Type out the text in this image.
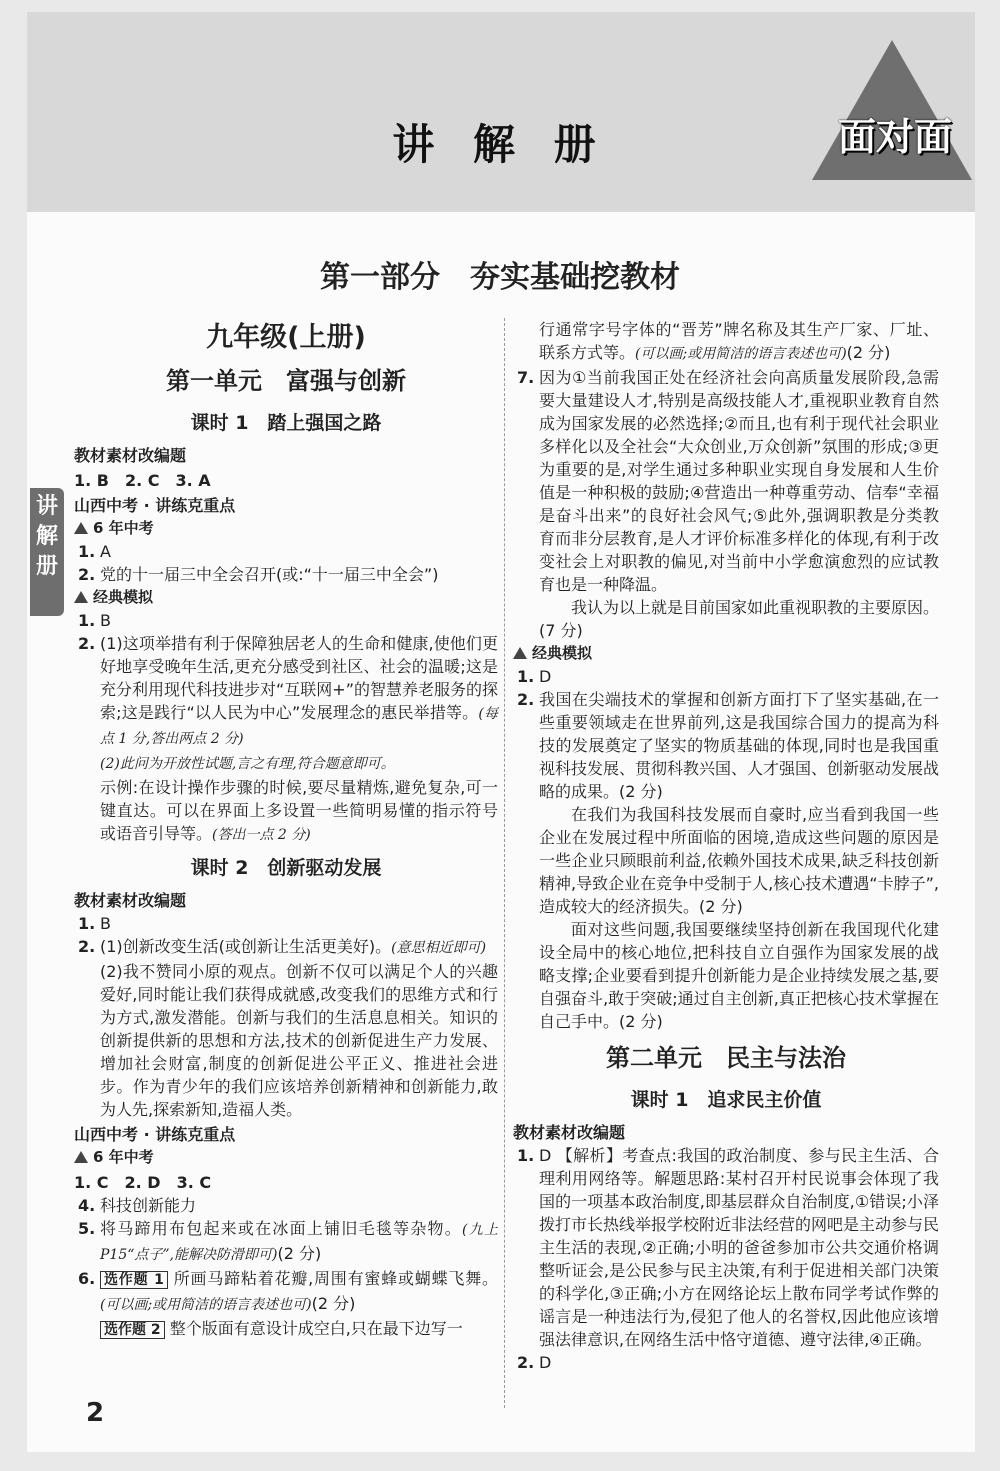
讲 解 册	面对面
第一部分　夯实基础挖教材
讲
解
册
九年级(上册)
第一单元　富强与创新
课时 1　踏上强国之路
教材素材改编题
1. B　2. C　3. A
山西中考 · 讲练克重点
6 年中考
1. A
2. 党的十一届三中全会召开(或:“十一届三中全会”)
经典模拟
1. B
2. (1)这项举措有利于保障独居老人的生命和健康,使他们更好地享受晚年生活,更充分感受到社区、社会的温暖;这是充分利用现代科技进步对“互联网+”的智慧养老服务的探索;这是践行“以人民为中心”发展理念的惠民举措等。(每点 1 分,答出两点 2 分)
(2)此问为开放性试题,言之有理,符合题意即可。
示例:在设计操作步骤的时候,要尽量精炼,避免复杂,可一键直达。可以在界面上多设置一些简明易懂的指示符号或语音引导等。(答出一点 2 分)
课时 2　创新驱动发展
教材素材改编题
1. B
2. (1)创新改变生活(或创新让生活更美好)。(意思相近即可)
(2)我不赞同小原的观点。创新不仅可以满足个人的兴趣爱好,同时能让我们获得成就感,改变我们的思维方式和行为方式,激发潜能。创新与我们的生活息息相关。知识的创新提供新的思想和方法,技术的创新促进生产力发展、增加社会财富,制度的创新促进公平正义、推进社会进步。作为青少年的我们应该培养创新精神和创新能力,敢为人先,探索新知,造福人类。
山西中考 · 讲练克重点
6 年中考
1. C　2. D　3. C
4. 科技创新能力
5. 将马蹄用布包起来或在冰面上铺旧毛毯等杂物。(九上 P15“点子”,能解决防滑即可)(2 分)
6. 选作题 1 所画马蹄粘着花瓣,周围有蜜蜂或蝴蝶飞舞。(可以画;或用简洁的语言表述也可)(2 分)
选作题 2 整个版面有意设计成空白,只在最下边写一
行通常字号字体的“晋芳”牌名称及其生产厂家、厂址、联系方式等。(可以画;或用简洁的语言表述也可)(2 分)
7. 因为①当前我国正处在经济社会向高质量发展阶段,急需要大量建设人才,特别是高级技能人才,重视职业教育自然成为国家发展的必然选择;②而且,也有利于现代社会职业多样化以及全社会“大众创业,万众创新”氛围的形成;③更为重要的是,对学生通过多种职业实现自身发展和人生价值是一种积极的鼓励;④营造出一种尊重劳动、信奉“幸福是奋斗出来”的良好社会风气;⑤此外,强调职教是分类教育而非分层教育,是人才评价标准多样化的体现,有利于改变社会上对职教的偏见,对当前中小学愈演愈烈的应试教育也是一种降温。
我认为以上就是目前国家如此重视职教的主要原因。(7 分)
经典模拟
1. D
2. 我国在尖端技术的掌握和创新方面打下了坚实基础,在一些重要领域走在世界前列,这是我国综合国力的提高为科技的发展奠定了坚实的物质基础的体现,同时也是我国重视科技发展、贯彻科教兴国、人才强国、创新驱动发展战略的成果。(2 分)
在我们为我国科技发展而自豪时,应当看到我国一些企业在发展过程中所面临的困境,造成这些问题的原因是一些企业只顾眼前利益,依赖外国技术成果,缺乏科技创新精神,导致企业在竞争中受制于人,核心技术遭遇“卡脖子”,造成较大的经济损失。(2 分)
面对这些问题,我国要继续坚持创新在我国现代化建设全局中的核心地位,把科技自立自强作为国家发展的战略支撑;企业要看到提升创新能力是企业持续发展之基,要自强奋斗,敢于突破;通过自主创新,真正把核心技术掌握在自己手中。(2 分)
第二单元　民主与法治
课时 1　追求民主价值
教材素材改编题
1. D 【解析】考查点:我国的政治制度、参与民主生活、合理利用网络等。解题思路:某村召开村民说事会体现了我国的一项基本政治制度,即基层群众自治制度,①错误;小泽拨打市长热线举报学校附近非法经营的网吧是主动参与民主生活的表现,②正确;小明的爸爸参加市公共交通价格调整听证会,是公民参与民主决策,有利于促进相关部门决策的科学化,③正确;小方在网络论坛上散布同学考试作弊的谣言是一种违法行为,侵犯了他人的名誉权,因此他应该增强法律意识,在网络生活中恪守道德、遵守法律,④正确。
2. D
2
